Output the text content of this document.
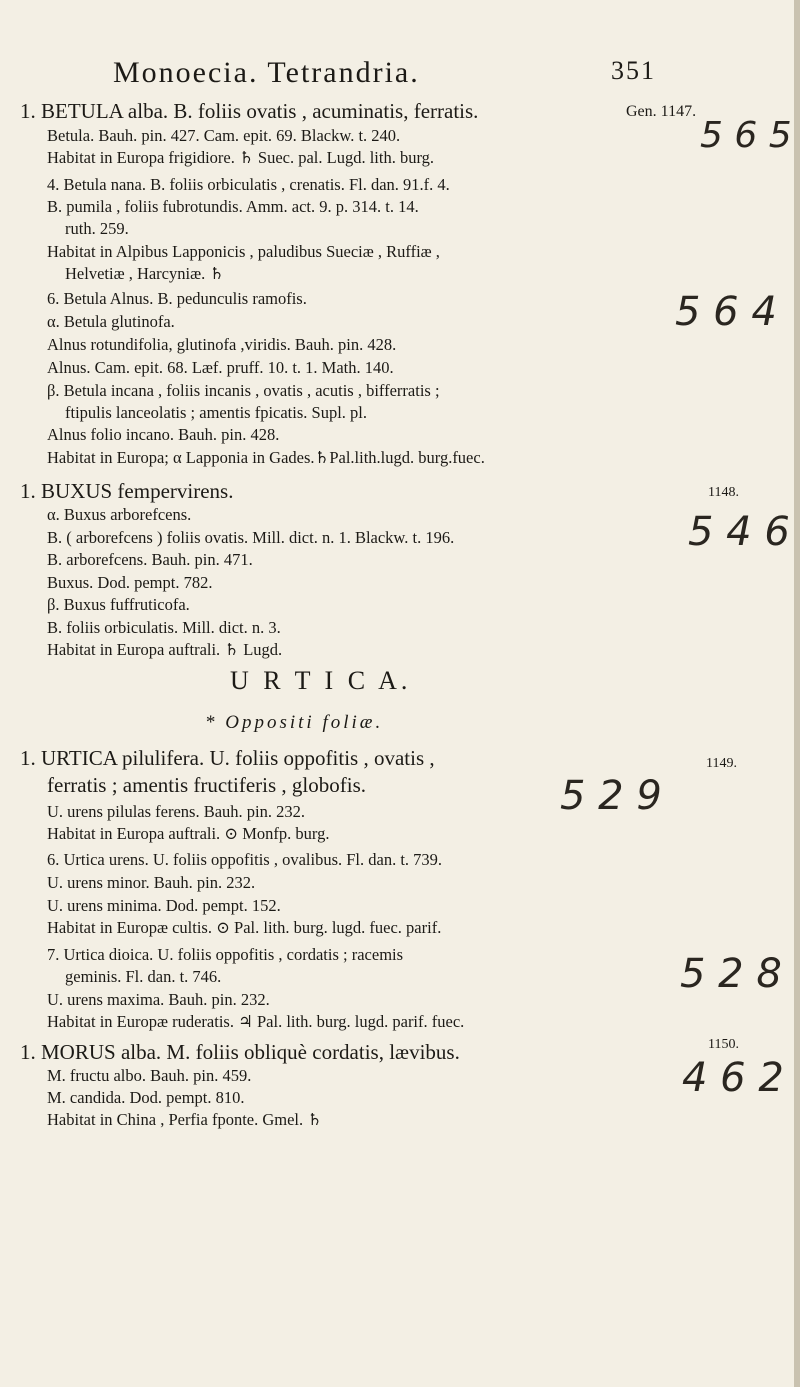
Monoecia. Tetrandria.	351
1. BETULA alba. B. foliis ovatis , acuminatis, ferratis.
Betula. Bauh. pin. 427. Cam. epit. 69. Blackw. t. 240.
Habitat in Europa frigidiore. ♄ Suec. pal. Lugd. lith. burg.
4. Betula nana. B. foliis orbiculatis , crenatis. Fl. dan. 91.f. 4.
B. pumila , foliis fubrotundis. Amm. act. 9. p. 314. t. 14.
ruth. 259.
Habitat in Alpibus Lapponicis , paludibus Sueciæ , Ruffiæ ,
Helvetiæ , Harcyniæ. ♄
6. Betula Alnus. B. pedunculis ramofis.
α. Betula glutinofa.
Alnus rotundifolia, glutinofa ,viridis. Bauh. pin. 428.
Alnus. Cam. epit. 68. Læf. pruff. 10. t. 1. Math. 140.
β. Betula incana , foliis incanis , ovatis , acutis , bifferratis ;
ftipulis lanceolatis ; amentis fpicatis. Supl. pl.
Alnus folio incano. Bauh. pin. 428.
Habitat in Europa; α Lapponia in Gades.♄Pal.lith.lugd. burg.fuec.
1. BUXUS fempervirens.
α. Buxus arborefcens.
B. ( arborefcens ) foliis ovatis. Mill. dict. n. 1. Blackw. t. 196.
B. arborefcens. Bauh. pin. 471.
Buxus. Dod. pempt. 782.
β. Buxus fuffruticofa.
B. foliis orbiculatis. Mill. dict. n. 3.
Habitat in Europa auftrali. ♄ Lugd.
U R T I C A.
* Oppositi foliæ.
1. URTICA pilulifera. U. foliis oppofitis , ovatis ,
ferratis ; amentis fructiferis , globofis.
U. urens pilulas ferens. Bauh. pin. 232.
Habitat in Europa auftrali. ⊙ Monfp. burg.
6. Urtica urens. U. foliis oppofitis , ovalibus. Fl. dan. t. 739.
U. urens minor. Bauh. pin. 232.
U. urens minima. Dod. pempt. 152.
Habitat in Europæ cultis. ⊙ Pal. lith. burg. lugd. fuec. parif.
7. Urtica dioica. U. foliis oppofitis , cordatis ; racemis
geminis. Fl. dan. t. 746.
U. urens maxima. Bauh. pin. 232.
Habitat in Europæ ruderatis. ♃ Pal. lith. burg. lugd. parif. fuec.
1. MORUS alba. M. foliis obliquè cordatis, lævibus.
M. fructu albo. Bauh. pin. 459.
M. candida. Dod. pempt. 810.
Habitat in China , Perfia fponte. Gmel. ♄
Gen. 1147.
1148.
1149.
1150.
5 6 5
5 6 4
5 4 6
5 2 9
5 2 8
4 6 2
